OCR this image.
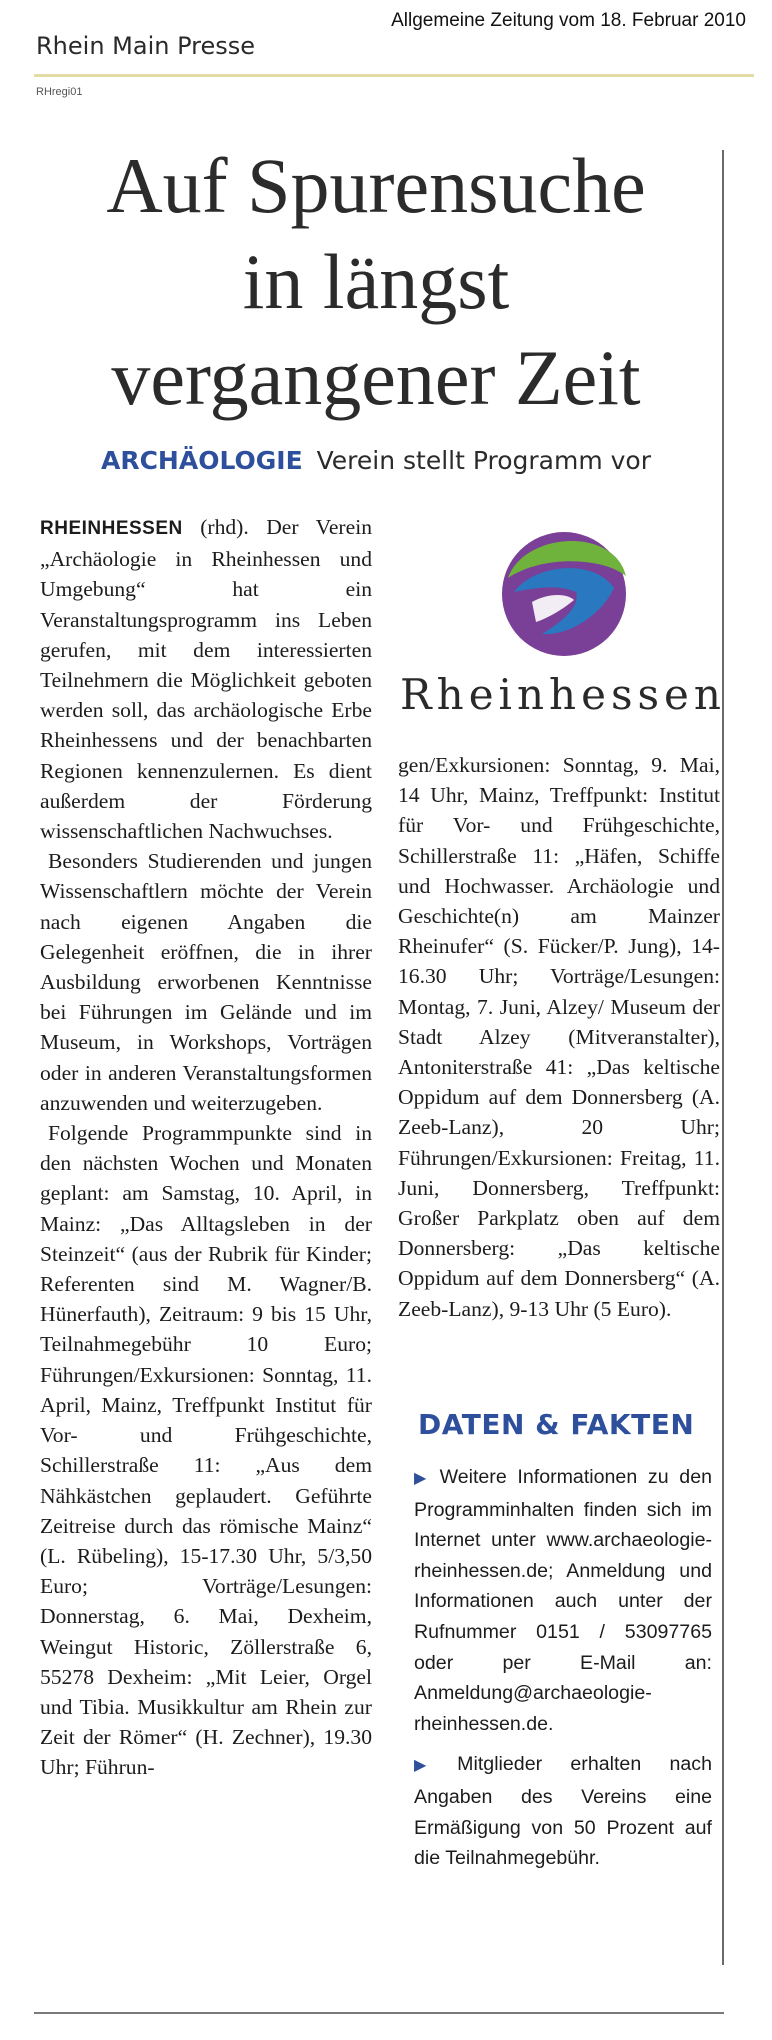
Rhein Main Presse
Allgemeine Zeitung vom 18. Februar 2010
RHregi01
Auf Spurensuche
in längst
vergangener Zeit
ARCHÄOLOGIE Verein stellt Programm vor

RHEINHESSEN (rhd). Der Verein „Archäologie in Rheinhessen und Umgebung“ hat ein Veranstaltungsprogramm ins Leben gerufen, mit dem interessierten Teilnehmern die Möglichkeit geboten werden soll, das archäologische Erbe Rheinhessens und der benachbarten Regionen kennenzulernen. Es dient außerdem der Förderung wissenschaftlichen Nachwuchses.

Besonders Studierenden und jungen Wissenschaftlern möchte der Verein nach eigenen Angaben die Gelegenheit eröffnen, die in ihrer Ausbildung erworbenen Kenntnisse bei Führungen im Gelände und im Museum, in Workshops, Vorträgen oder in anderen Veranstaltungsformen anzuwenden und weiterzugeben.

Folgende Programmpunkte sind in den nächsten Wochen und Monaten geplant: am Samstag, 10. April, in Mainz: „Das Alltagsleben in der Steinzeit“ (aus der Rubrik für Kinder; Referenten sind M. Wagner/B. Hünerfauth), Zeitraum: 9 bis 15 Uhr, Teilnahmegebühr 10 Euro; Führungen/Exkursionen: Sonntag, 11. April, Mainz, Treffpunkt Institut für Vor- und Frühgeschichte, Schillerstraße 11: „Aus dem Nähkästchen geplaudert. Geführte Zeitreise durch das römische Mainz“ (L. Rübeling), 15-17.30 Uhr, 5/3,50 Euro; Vorträge/Lesungen: Donnerstag, 6. Mai, Dexheim, Weingut Historic, Zöllerstraße 6, 55278 Dexheim: „Mit Leier, Orgel und Tibia. Musikkultur am Rhein zur Zeit der Römer“ (H. Zechner), 19.30 Uhr; Führun-

Rheinhessen

gen/Exkursionen: Sonntag, 9. Mai, 14 Uhr, Mainz, Treffpunkt: Institut für Vor- und Frühgeschichte, Schillerstraße 11: „Häfen, Schiffe und Hochwasser. Archäologie und Geschichte(n) am Mainzer Rheinufer“ (S. Fücker/P. Jung), 14-16.30 Uhr; Vorträge/Lesungen: Montag, 7. Juni, Alzey/ Museum der Stadt Alzey (Mitveranstalter), Antoniterstraße 41: „Das keltische Oppidum auf dem Donnersberg (A. Zeeb-Lanz), 20 Uhr; Führungen/Exkursionen: Freitag, 11. Juni, Donnersberg, Treffpunkt: Großer Parkplatz oben auf dem Donnersberg: „Das keltische Oppidum auf dem Donnersberg“ (A. Zeeb-Lanz), 9-13 Uhr (5 Euro).

DATEN & FAKTEN

▶ Weitere Informationen zu den Programminhalten finden sich im Internet unter www.archaeologie-rheinhessen.de; Anmeldung und Informationen auch unter der Rufnummer 0151 / 53097765 oder per E-Mail an: Anmeldung@archaeologie-rheinhessen.de.

▶ Mitglieder erhalten nach Angaben des Vereins eine Ermäßigung von 50 Prozent auf die Teilnahmegebühr.
